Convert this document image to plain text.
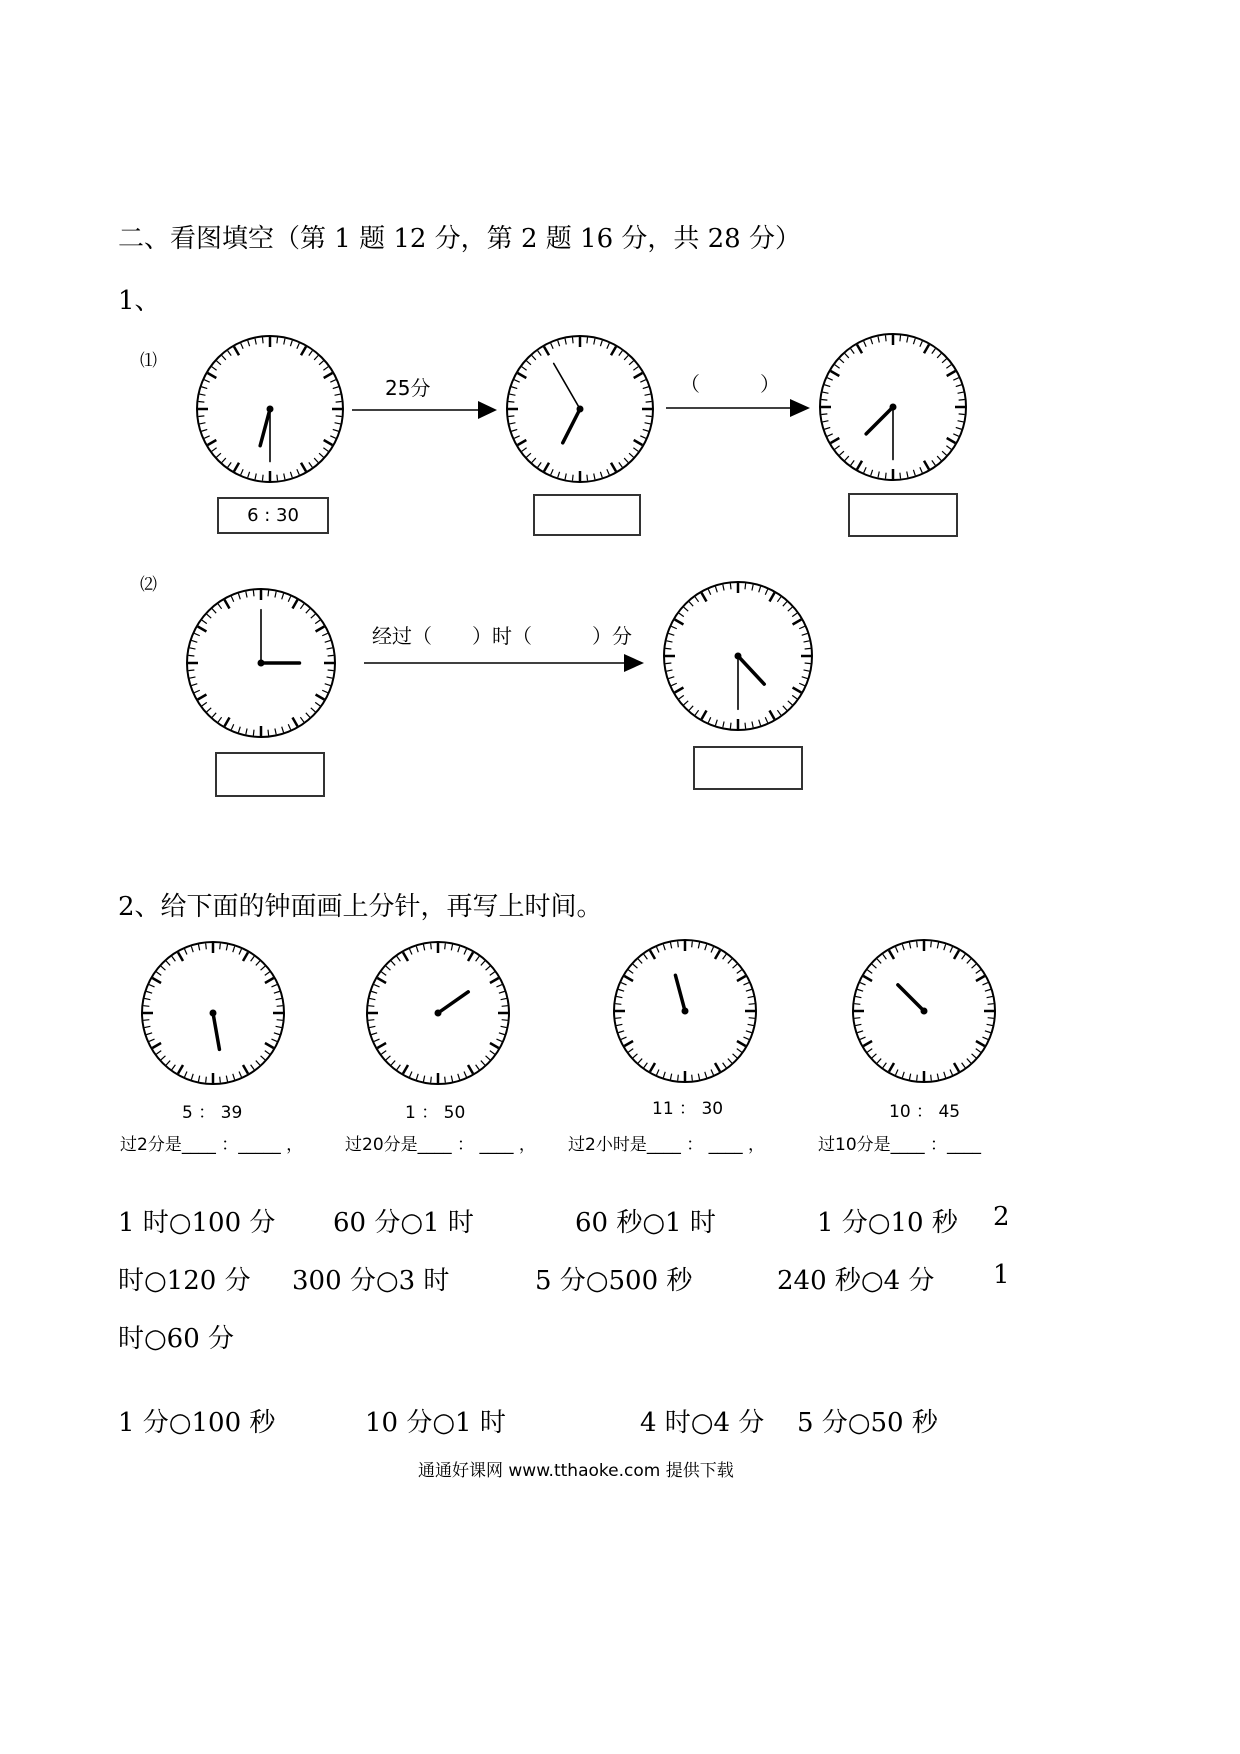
二、看图填空（第 1 题 12 分，第 2 题 16 分，共 28 分）
1、
⑴
25分	（　　　）
6 : 30
⑵
经过（　　）时（　　　）分
2、给下面的钟面画上分针，再写上时间。
5 ： 39	1 ： 50	11 ： 30	10 ： 45
过2分是____ ：_____ ， 过20分是____ ： ____ ， 过2小时是____ ： ____ ，	过10分是____ ：____
1 时○100 分 60 分○1 时	60 秒○1 时	1 分○10 秒 2
时○120 分 300 分○3 时	5 分○500 秒	240 秒○4 分 1
时○60 分
1 分○100 秒	10 分○1 时	4 时○4 分 5 分○50 秒
通通好课网 www.tthaoke.com 提供下载
